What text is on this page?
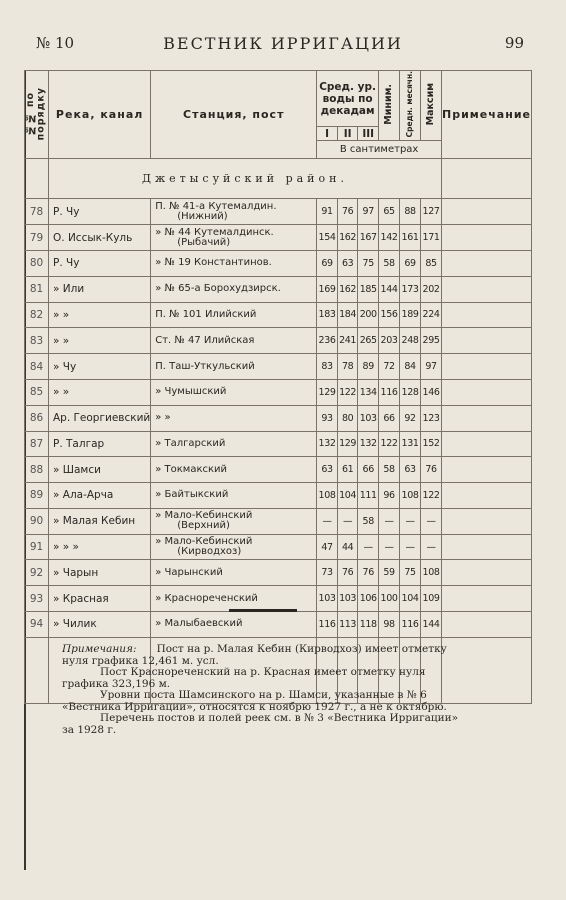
№ 10	ВЕСТНИК ИРРИГАЦИИ	99
№№ по порядку	Река, канал	Станция, пост	Сред. ур. воды по декадам			Миним.	Средн. месячн.	Максим	Примечание
			I	II	III				
			В сантиметрах						
	Джетысуйский район.								
78	Р. Чу	П. № 41-а Кутемалдин.
(Нижний)	91	76	97	65	88	127	
79	О. Иссык-Куль	» № 44 Кутемалдинск.
(Рыбачий)	154	162	167	142	161	171	
80	Р. Чу	» № 19 Константинов.	69	63	75	58	69	85	
81	» Или	» № 65-а Борохудзирск.	169	162	185	144	173	202	
82	» »	П. № 101 Илийский	183	184	200	156	189	224	
83	» »	Ст. № 47 Илийская	236	241	265	203	248	295	
84	» Чу	П. Таш-Уткульский	83	78	89	72	84	97	
85	» »	» Чумышский	129	122	134	116	128	146	
86	Ар. Георгиевский	» »	93	80	103	66	92	123	
87	Р. Талгар	» Талгарский	132	129	132	122	131	152	
88	» Шамси	» Токмакский	63	61	66	58	63	76	
89	» Ала-Арча	» Байтыкский	108	104	111	96	108	122	
90	» Малая Кебин	» Мало-Кебинский
(Верхний)	—	—	58	—	—	—	
91	» » »	» Мало-Кебинский
(Кирводхоз)	47	44	—	—	—	—	
92	» Чарын	» Чарынский	73	76	76	59	75	108	
93	» Красная	» Краснореченский	103	103	106	100	104	109	
94	» Чилик	» Малыбаевский	116	113	118	98	116	144	

Примечания: Пост на р. Малая Кебин (Кирводхоз) имеет отметку нуля графика 12,461 м. усл.

Пост Краснореченский на р. Красная имеет отметку нуля графика 323,196 м.

Уровни поста Шамсинского на р. Шамси, указанные в № 6 «Вестника Ирригации», относятся к ноябрю 1927 г., а не к октябрю.

Перечень постов и полей реек см. в № 3 «Вестника Ирригации» за 1928 г.
